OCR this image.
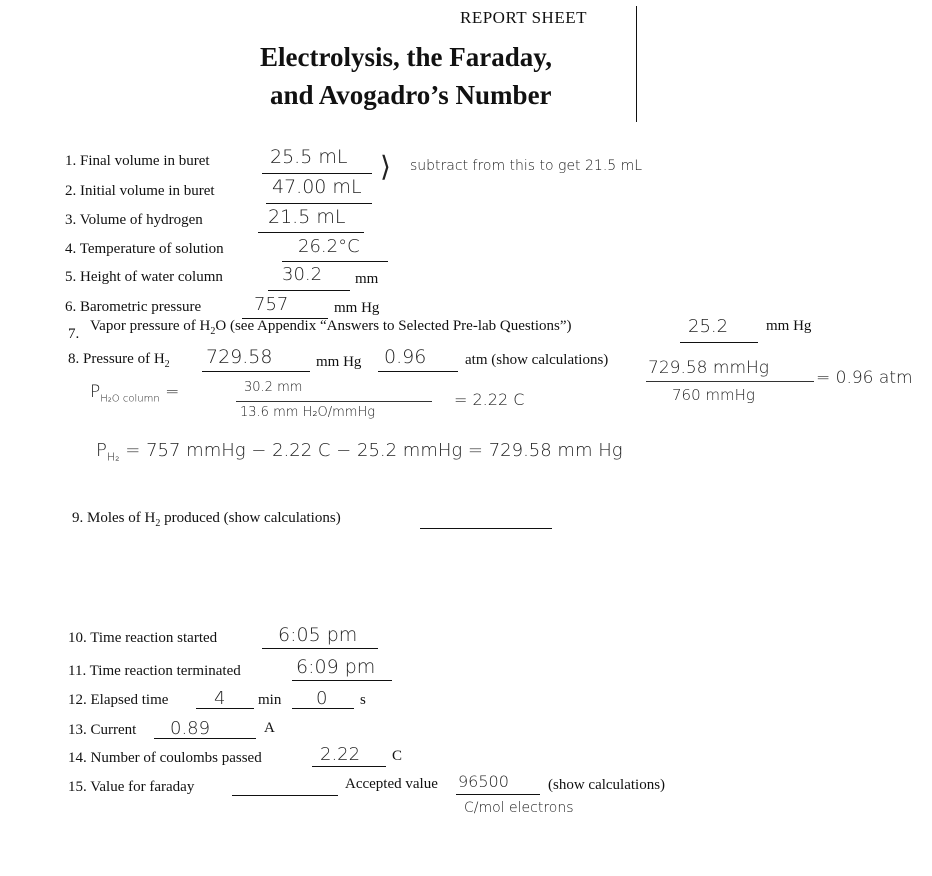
REPORT SHEET
Electrolysis, the Faraday,
and Avogadro’s Number
1. Final volume in buret	25.5 mL ⟩ subtract from this to get 21.5 mL
2. Initial volume in buret	47.00 mL
3. Volume of hydrogen	21.5 mL
4. Temperature of solution	26.2°C
5. Height of water column	30.2 mm
6. Barometric pressure	757	mm Hg
7. Vapor pressure of $H_2O$ (see Appendix “Answers to Selected Pre-lab Questions”)	25.2	mm Hg
8. Pressure of $H_2$ 729.58	mm Hg 0.96	atm (show calculations) 729.58 mmHg
760 mmHg
= 0.96 atm
$P_{H_2O column}$ =	30.2 mm
13.6 mm H₂O/mmHg
= 2.22 C
$P_{H_2} = 757$ mmHg − 2.22 C − 25.2 mmHg = 729.58 mm Hg
9. Moles of $H_2$ produced (show calculations)
10. Time reaction started	6:05 pm
11. Time reaction terminated	6:09 pm
12. Elapsed time	4 min 0 s
13. Current 0.89	A
14. Number of coulombs passed	2.22 C
15. Value for faraday	Accepted value 96500	(show calculations)
C/mol electrons
